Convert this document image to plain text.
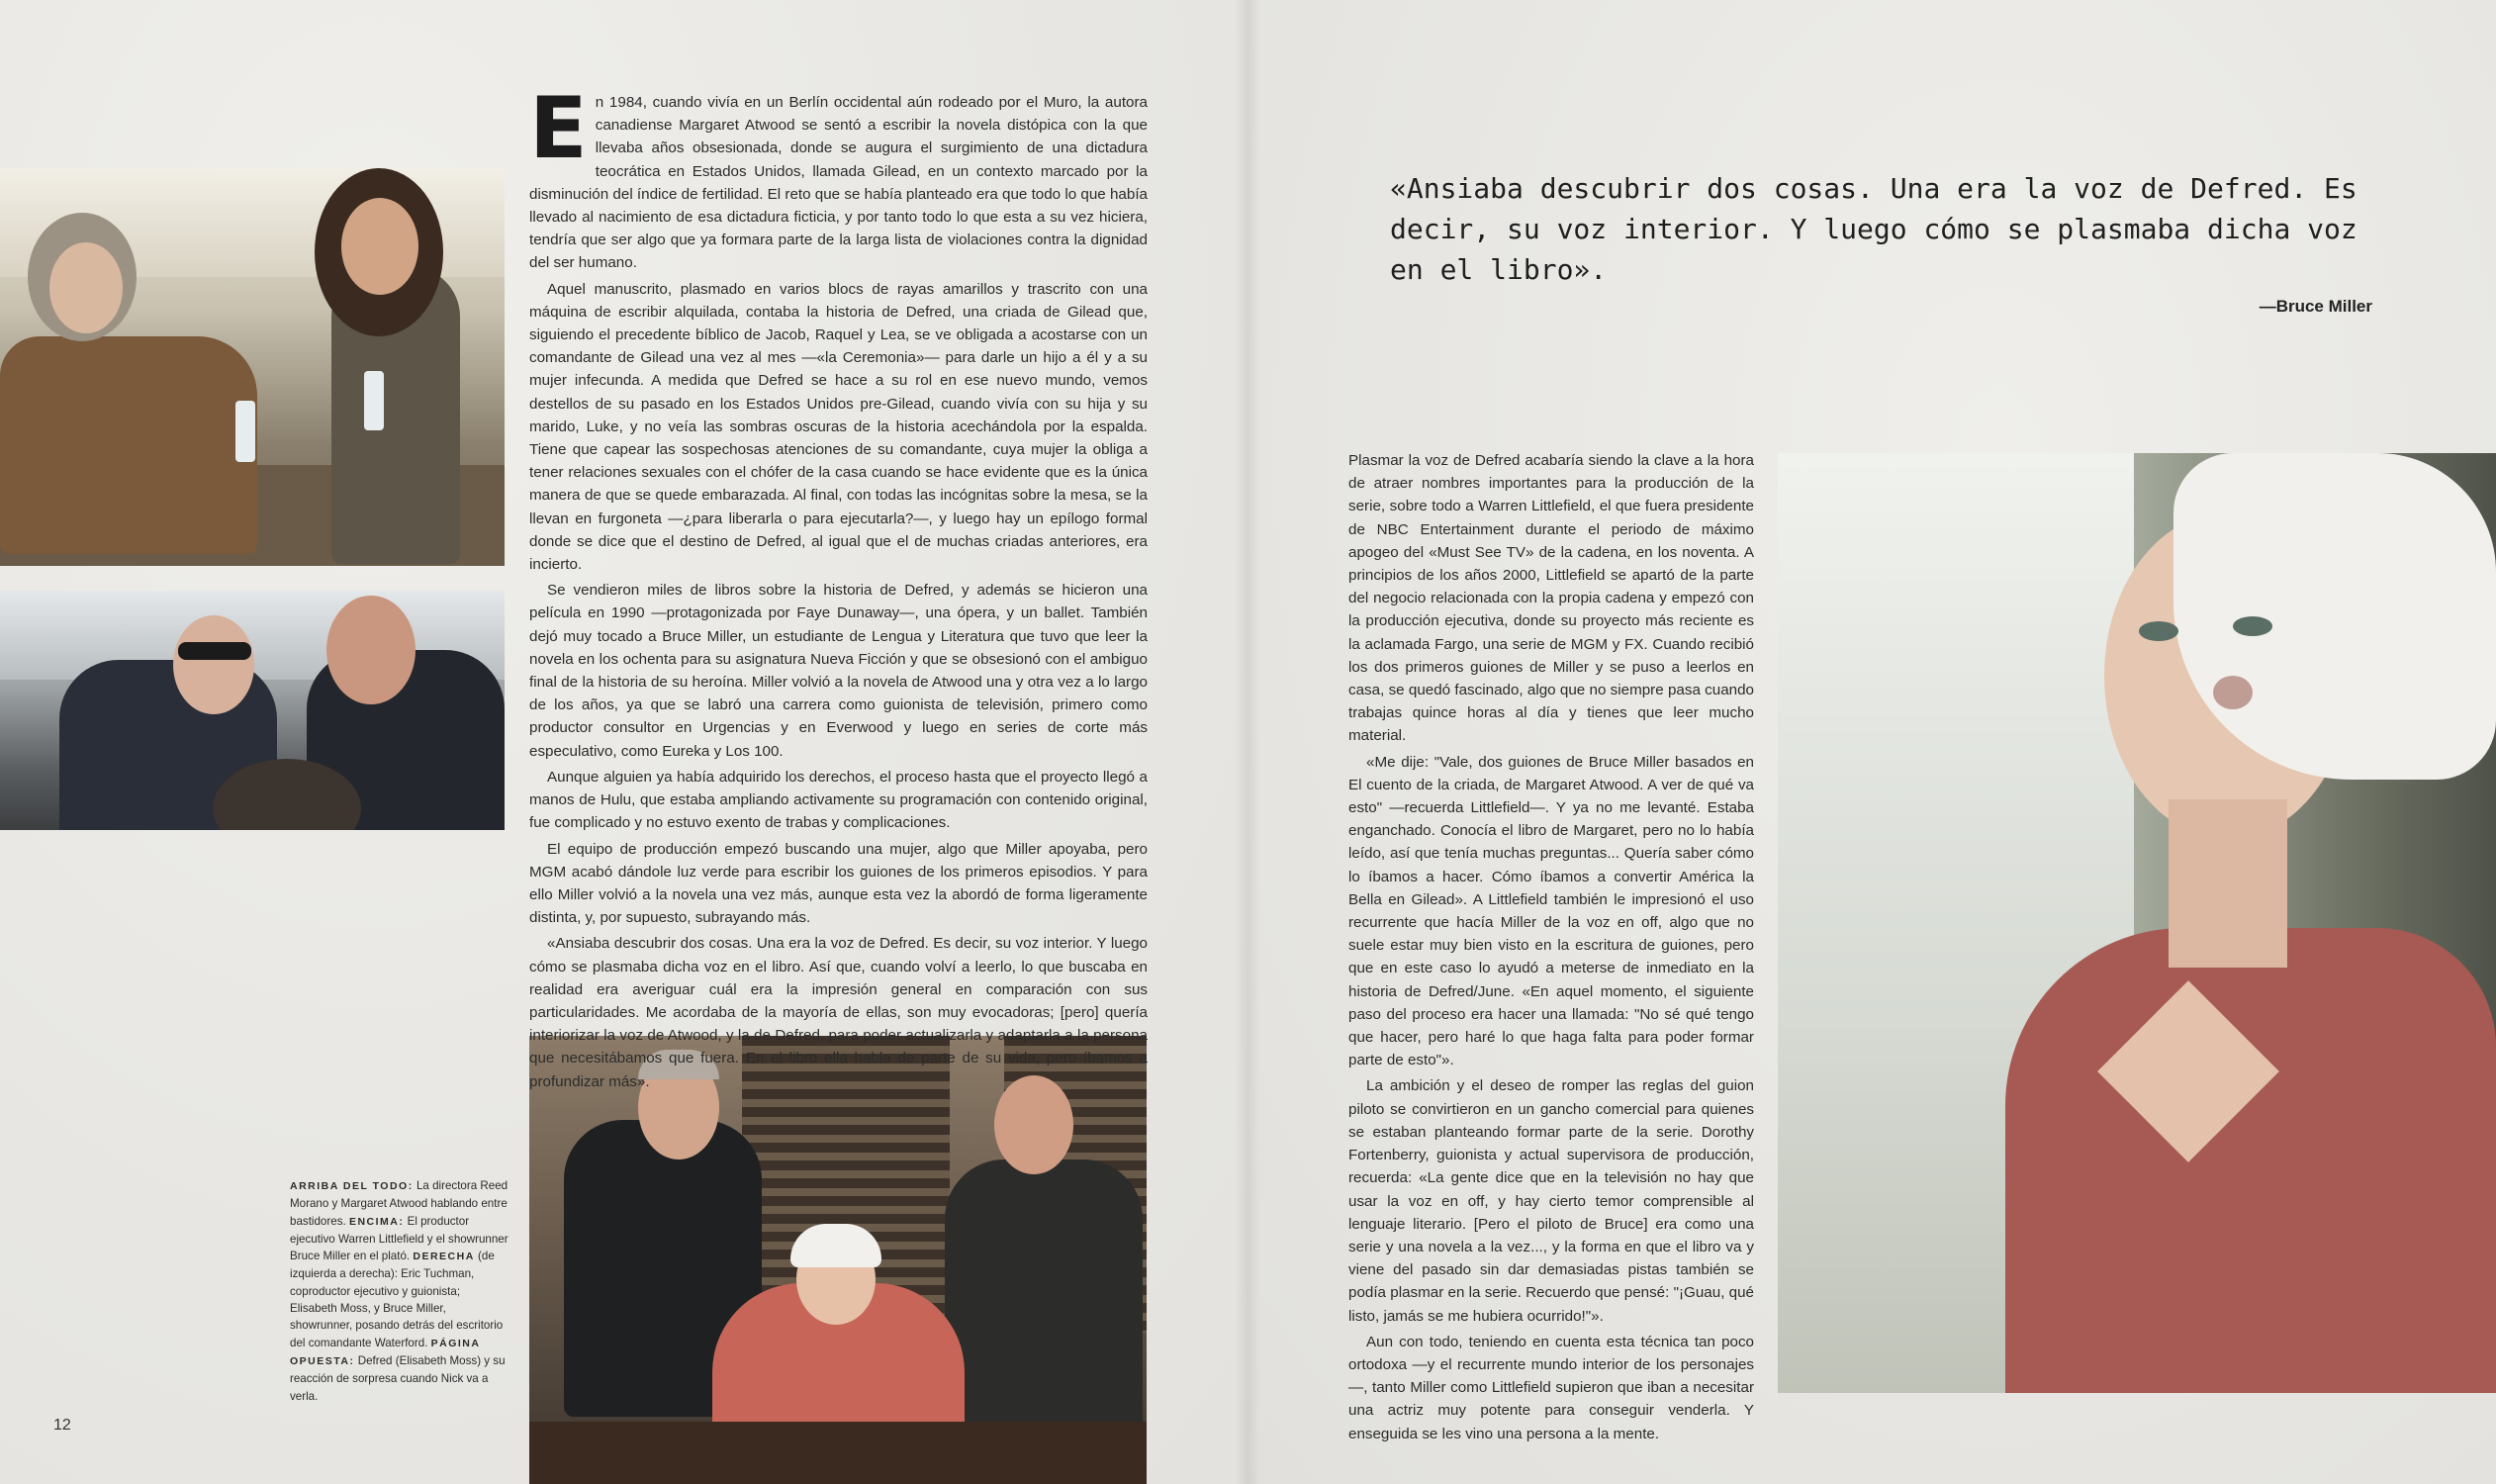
En 1984, cuando vivía en un Berlín occidental aún rodeado por el Muro, la autora canadiense Margaret Atwood se sentó a escribir la novela distópica con la que llevaba años obsesionada, donde se augura el surgimiento de una dictadura teocrática en Estados Unidos, llamada Gilead, en un contexto marcado por la disminución del índice de fertilidad. El reto que se había planteado era que todo lo que había llevado al nacimiento de esa dictadura ficticia, y por tanto todo lo que esta a su vez hiciera, tendría que ser algo que ya formara parte de la larga lista de violaciones contra la dignidad del ser humano.

Aquel manuscrito, plasmado en varios blocs de rayas amarillos y trascrito con una máquina de escribir alquilada, contaba la historia de Defred, una criada de Gilead que, siguiendo el precedente bíblico de Jacob, Raquel y Lea, se ve obligada a acostarse con un comandante de Gilead una vez al mes —«la Ceremonia»— para darle un hijo a él y a su mujer infecunda. A medida que Defred se hace a su rol en ese nuevo mundo, vemos destellos de su pasado en los Estados Unidos pre-Gilead, cuando vivía con su hija y su marido, Luke, y no veía las sombras oscuras de la historia acechándola por la espalda. Tiene que capear las sospechosas atenciones de su comandante, cuya mujer la obliga a tener relaciones sexuales con el chófer de la casa cuando se hace evidente que es la única manera de que se quede embarazada. Al final, con todas las incógnitas sobre la mesa, se la llevan en furgoneta —¿para liberarla o para ejecutarla?—, y luego hay un epílogo formal donde se dice que el destino de Defred, al igual que el de muchas criadas anteriores, era incierto.

Se vendieron miles de libros sobre la historia de Defred, y además se hicieron una película en 1990 —protagonizada por Faye Dunaway—, una ópera, y un ballet. También dejó muy tocado a Bruce Miller, un estudiante de Lengua y Literatura que tuvo que leer la novela en los ochenta para su asignatura Nueva Ficción y que se obsesionó con el ambiguo final de la historia de su heroína. Miller volvió a la novela de Atwood una y otra vez a lo largo de los años, ya que se labró una carrera como guionista de televisión, primero como productor consultor en Urgencias y en Everwood y luego en series de corte más especulativo, como Eureka y Los 100.

Aunque alguien ya había adquirido los derechos, el proceso hasta que el proyecto llegó a manos de Hulu, que estaba ampliando activamente su programación con contenido original, fue complicado y no estuvo exento de trabas y complicaciones.

El equipo de producción empezó buscando una mujer, algo que Miller apoyaba, pero MGM acabó dándole luz verde para escribir los guiones de los primeros episodios. Y para ello Miller volvió a la novela una vez más, aunque esta vez la abordó de forma ligeramente distinta, y, por supuesto, subrayando más.

«Ansiaba descubrir dos cosas. Una era la voz de Defred. Es decir, su voz interior. Y luego cómo se plasmaba dicha voz en el libro. Así que, cuando volví a leerlo, lo que buscaba en realidad era averiguar cuál era la impresión general en comparación con sus particularidades. Me acordaba de la mayoría de ellas, son muy evocadoras; [pero] quería interiorizar la voz de Atwood, y la de Defred, para poder actualizarla y adaptarla a la persona que necesitábamos que fuera. En el libro ella habla de parte de su vida, pero íbamos a profundizar más».

«Ansiaba descubrir dos cosas. Una era la voz de Defred. Es decir, su voz interior. Y luego cómo se plasmaba dicha voz en el libro».
—Bruce Miller

Plasmar la voz de Defred acabaría siendo la clave a la hora de atraer nombres importantes para la producción de la serie, sobre todo a Warren Littlefield, el que fuera presidente de NBC Entertainment durante el periodo de máximo apogeo del «Must See TV» de la cadena, en los noventa. A principios de los años 2000, Littlefield se apartó de la parte del negocio relacionada con la propia cadena y empezó con la producción ejecutiva, donde su proyecto más reciente es la aclamada Fargo, una serie de MGM y FX. Cuando recibió los dos primeros guiones de Miller y se puso a leerlos en casa, se quedó fascinado, algo que no siempre pasa cuando trabajas quince horas al día y tienes que leer mucho material.

«Me dije: "Vale, dos guiones de Bruce Miller basados en El cuento de la criada, de Margaret Atwood. A ver de qué va esto" —recuerda Littlefield—. Y ya no me levanté. Estaba enganchado. Conocía el libro de Margaret, pero no lo había leído, así que tenía muchas preguntas... Quería saber cómo lo íbamos a hacer. Cómo íbamos a convertir América la Bella en Gilead». A Littlefield también le impresionó el uso recurrente que hacía Miller de la voz en off, algo que no suele estar muy bien visto en la escritura de guiones, pero que en este caso lo ayudó a meterse de inmediato en la historia de Defred/June. «En aquel momento, el siguiente paso del proceso era hacer una llamada: "No sé qué tengo que hacer, pero haré lo que haga falta para poder formar parte de esto"».

La ambición y el deseo de romper las reglas del guion piloto se convirtieron en un gancho comercial para quienes se estaban planteando formar parte de la serie. Dorothy Fortenberry, guionista y actual supervisora de producción, recuerda: «La gente dice que en la televisión no hay que usar la voz en off, y hay cierto temor comprensible al lenguaje literario. [Pero el piloto de Bruce] era como una serie y una novela a la vez..., y la forma en que el libro va y viene del pasado sin dar demasiadas pistas también se podía plasmar en la serie. Recuerdo que pensé: "¡Guau, qué listo, jamás se me hubiera ocurrido!"».

Aun con todo, teniendo en cuenta esta técnica tan poco ortodoxa —y el recurrente mundo interior de los personajes—, tanto Miller como Littlefield supieron que iban a necesitar una actriz muy potente para conseguir venderla. Y enseguida se les vino una persona a la mente.

ARRIBA DEL TODO: La directora Reed Morano y Margaret Atwood hablando entre bastidores. ENCIMA: El productor ejecutivo Warren Littlefield y el showrunner Bruce Miller en el plató. DERECHA (de izquierda a derecha): Eric Tuchman, coproductor ejecutivo y guionista; Elisabeth Moss, y Bruce Miller, showrunner, posando detrás del escritorio del comandante Waterford. PÁGINA OPUESTA: Defred (Elisabeth Moss) y su reacción de sorpresa cuando Nick va a verla.
12
